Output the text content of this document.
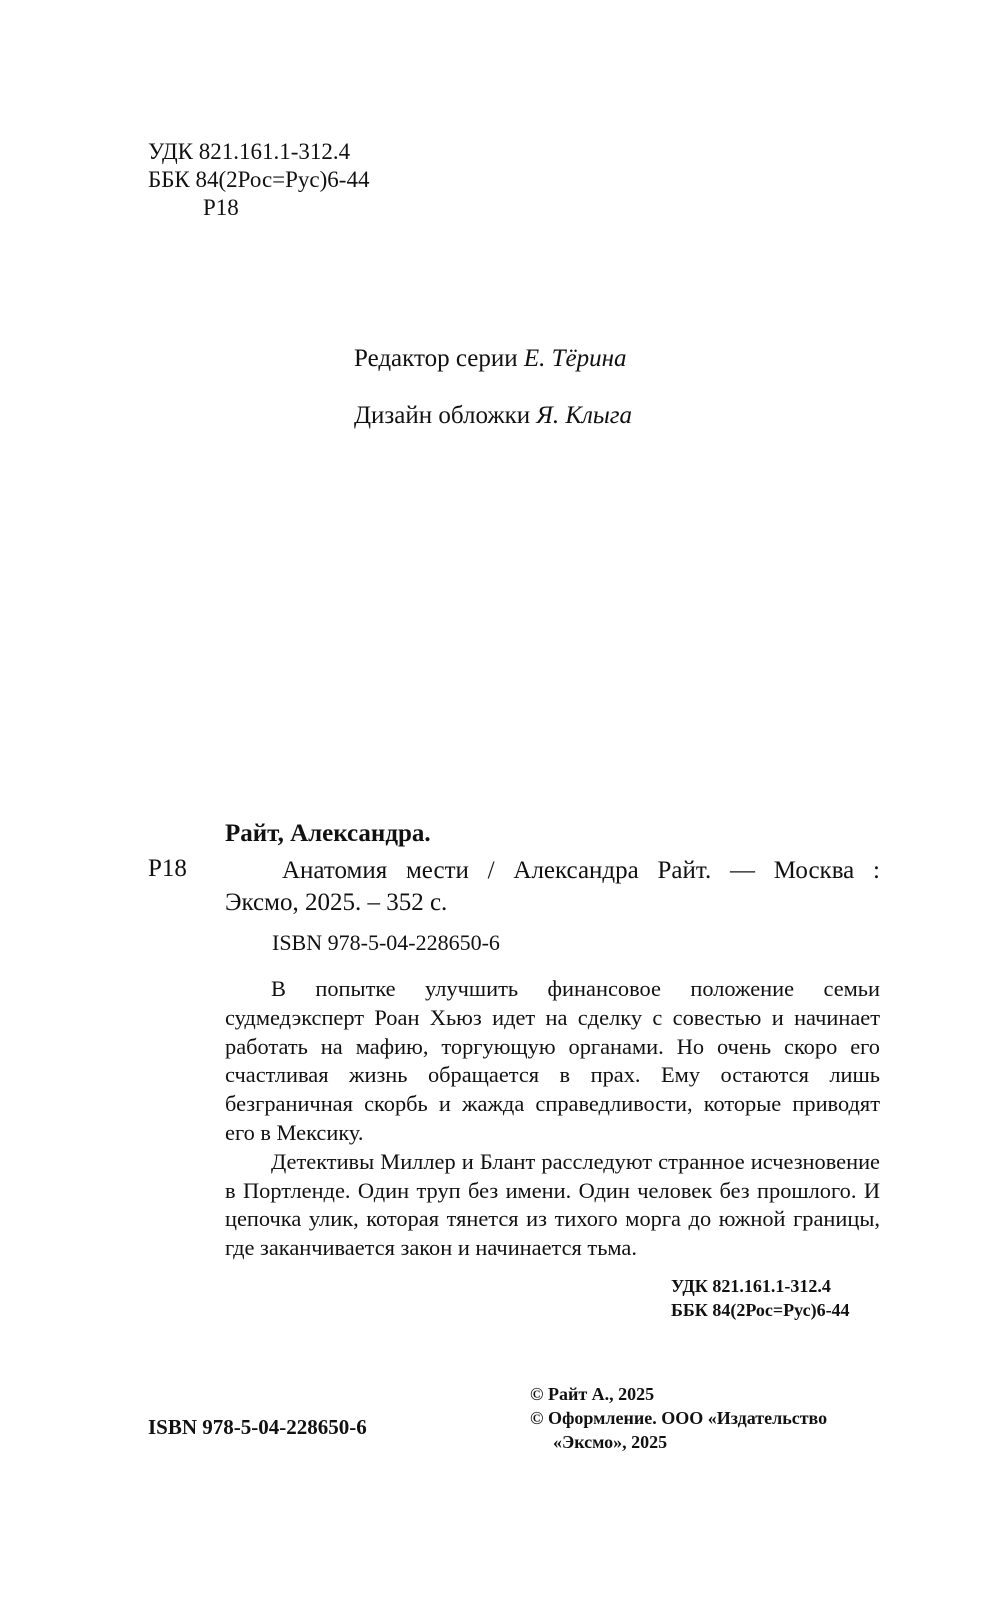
УДК 821.161.1-312.4
ББК 84(2Рос=Рус)6-44
Р18
Редактор серии Е. Тёрина
Дизайн обложки Я. Клыга
Райт, Александра.
Р18	Анатомия мести / Александра Райт. — Москва :
Эксмо, 2025. – 352 с.
ISBN 978-5-04-228650-6

В попытке улучшить финансовое положение семьи судмедэксперт Роан Хьюз идет на сделку с совестью и начинает работать на мафию, торгующую органами. Но очень скоро его счастливая жизнь обращается в прах. Ему остаются лишь безграничная скорбь и жажда справедливости, которые приводят его в Мексику.

Детективы Миллер и Блант расследуют странное исчезновение в Портленде. Один труп без имени. Один человек без прошлого. И цепочка улик, которая тянется из тихого морга до южной границы, где заканчивается закон и начинается тьма.

УДК 821.161.1-312.4
ББК 84(2Рос=Рус)6-44
© Райт А., 2025
© Оформление. ООО «Издательство
«Эксмо», 2025
ISBN 978-5-04-228650-6
